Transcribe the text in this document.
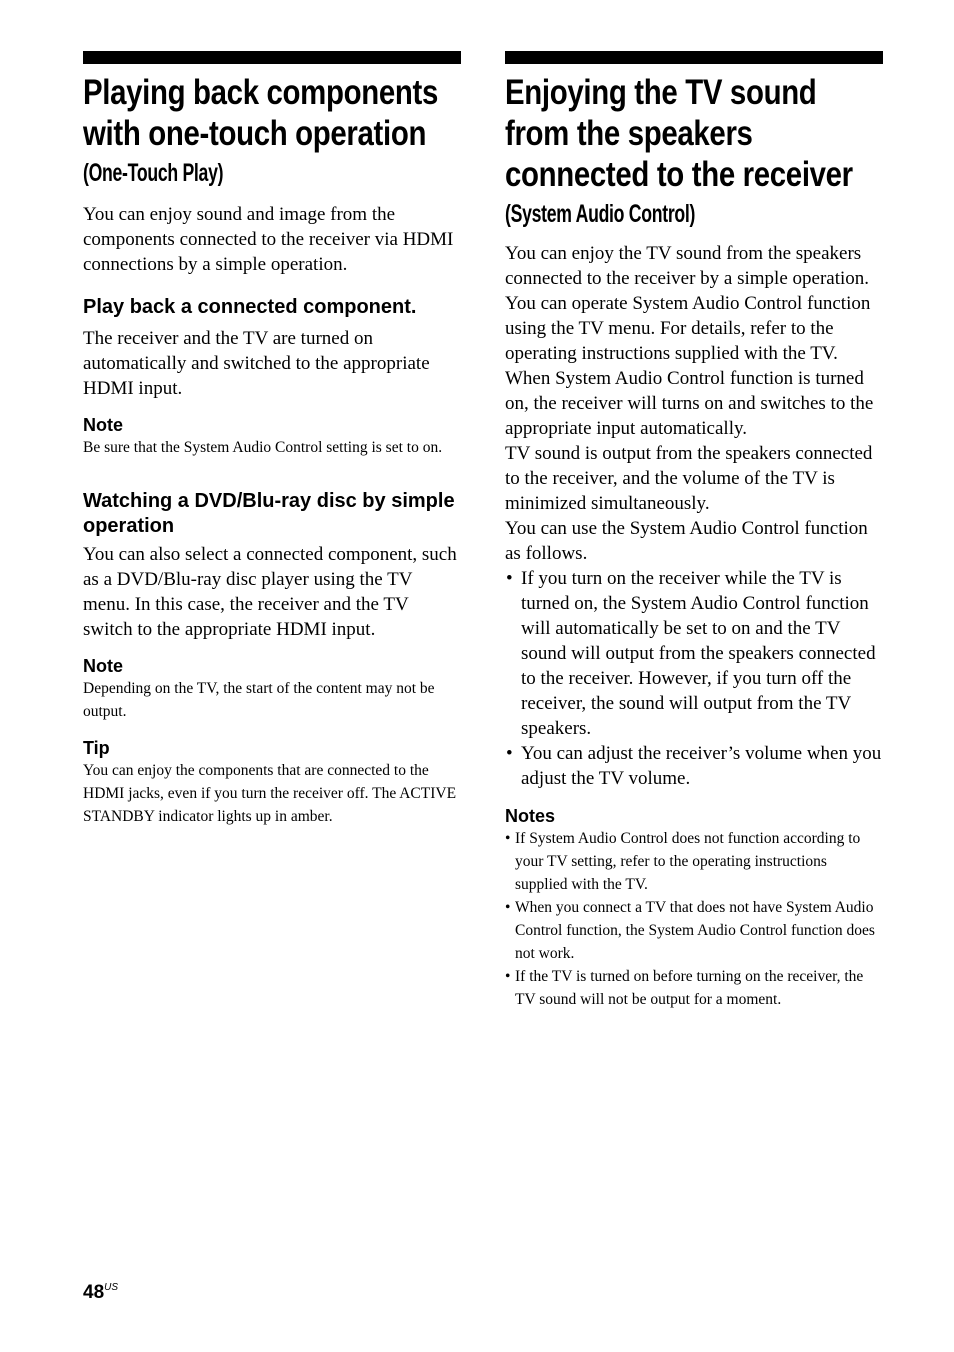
Playing back components
with one-touch operation
(One-Touch Play)

You can enjoy sound and image from the components connected to the receiver via HDMI connections by a simple operation.

Play back a connected component.

The receiver and the TV are turned on automatically and switched to the appropriate HDMI input.

Note

Be sure that the System Audio Control setting is set to on.

Watching a DVD/Blu-ray disc by simple operation

You can also select a connected component, such as a DVD/Blu-ray disc player using the TV menu. In this case, the receiver and the TV switch to the appropriate HDMI input.

Note

Depending on the TV, the start of the content may not be output.

Tip

You can enjoy the components that are connected to the HDMI jacks, even if you turn the receiver off. The ACTIVE STANDBY indicator lights up in amber.

Enjoying the TV sound
from the speakers
connected to the receiver
(System Audio Control)

You can enjoy the TV sound from the speakers connected to the receiver by a simple operation.

You can operate System Audio Control function using the TV menu. For details, refer to the operating instructions supplied with the TV.

When System Audio Control function is turned on, the receiver will turns on and switches to the appropriate input automatically.

TV sound is output from the speakers connected to the receiver, and the volume of the TV is minimized simultaneously.

You can use the System Audio Control function as follows.

• If you turn on the receiver while the TV is turned on, the System Audio Control function will automatically be set to on and the TV sound will output from the speakers connected to the receiver. However, if you turn off the receiver, the sound will output from the TV speakers.
• You can adjust the receiver’s volume when you adjust the TV volume.
Notes
• If System Audio Control does not function according to your TV setting, refer to the operating instructions supplied with the TV.
• When you connect a TV that does not have System Audio Control function, the System Audio Control function does not work.
• If the TV is turned on before turning on the receiver, the TV sound will not be output for a moment.
$48^{US}$
